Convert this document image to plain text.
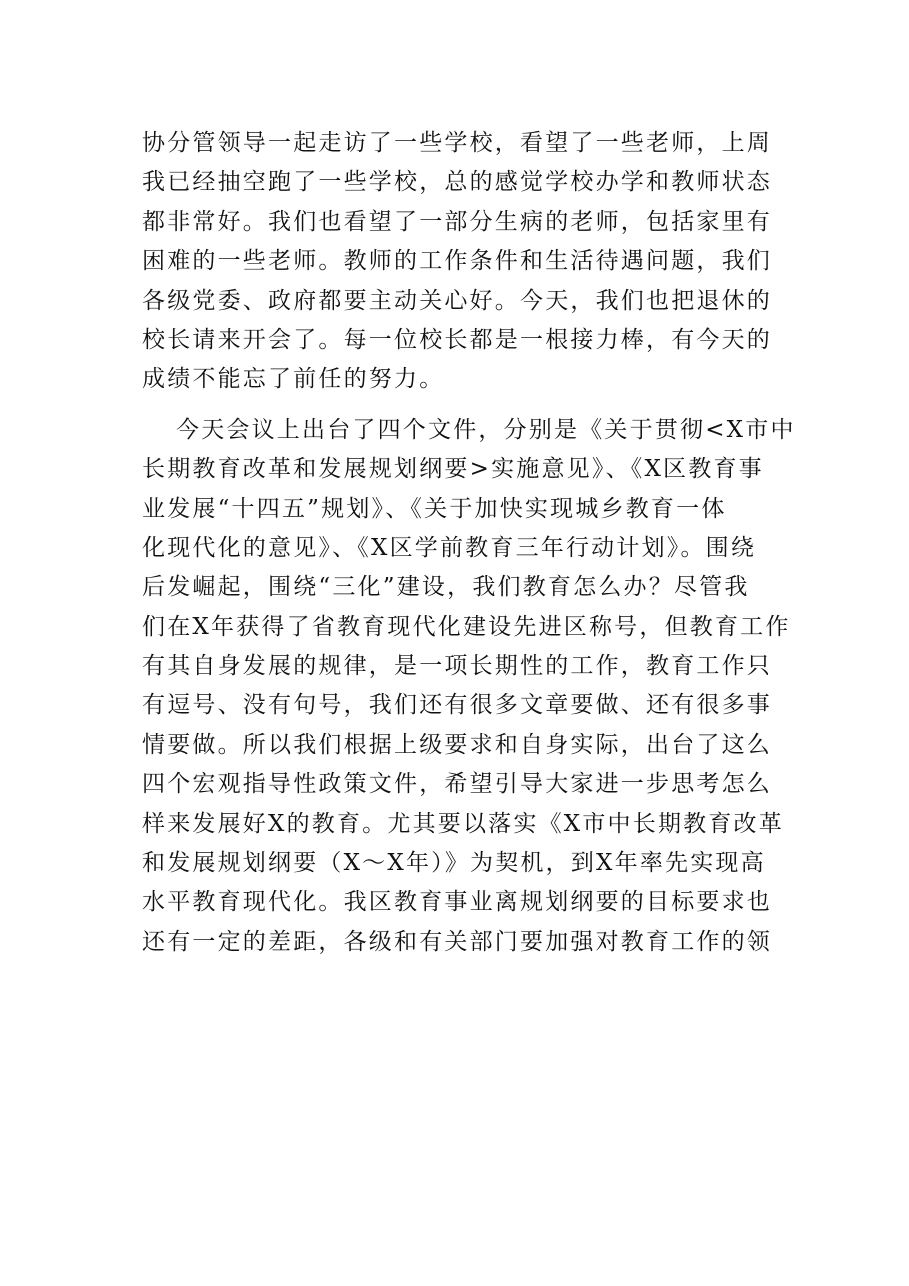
协分管领导一起走访了一些学校，看望了一些老师，上周
我已经抽空跑了一些学校，总的感觉学校办学和教师状态
都非常好。我们也看望了一部分生病的老师，包括家里有
困难的一些老师。教师的工作条件和生活待遇问题，我们
各级党委、政府都要主动关心好。今天，我们也把退休的
校长请来开会了。每一位校长都是一根接力棒，有今天的
成绩不能忘了前任的努力。
今天会议上出台了四个文件，分别是《关于贯彻<X市中
长期教育改革和发展规划纲要>实施意见》、《X区教育事
业发展“十四五”规划》、《关于加快实现城乡教育一体
化现代化的意见》、《X区学前教育三年行动计划》。围绕
后发崛起，围绕“三化”建设，我们教育怎么办？尽管我
们在X年获得了省教育现代化建设先进区称号，但教育工作
有其自身发展的规律，是一项长期性的工作，教育工作只
有逗号、没有句号，我们还有很多文章要做、还有很多事
情要做。所以我们根据上级要求和自身实际，出台了这么
四个宏观指导性政策文件，希望引导大家进一步思考怎么
样来发展好X的教育。尤其要以落实《X市中长期教育改革
和发展规划纲要（X～X年）》为契机，到X年率先实现高
水平教育现代化。我区教育事业离规划纲要的目标要求也
还有一定的差距，各级和有关部门要加强对教育工作的领
